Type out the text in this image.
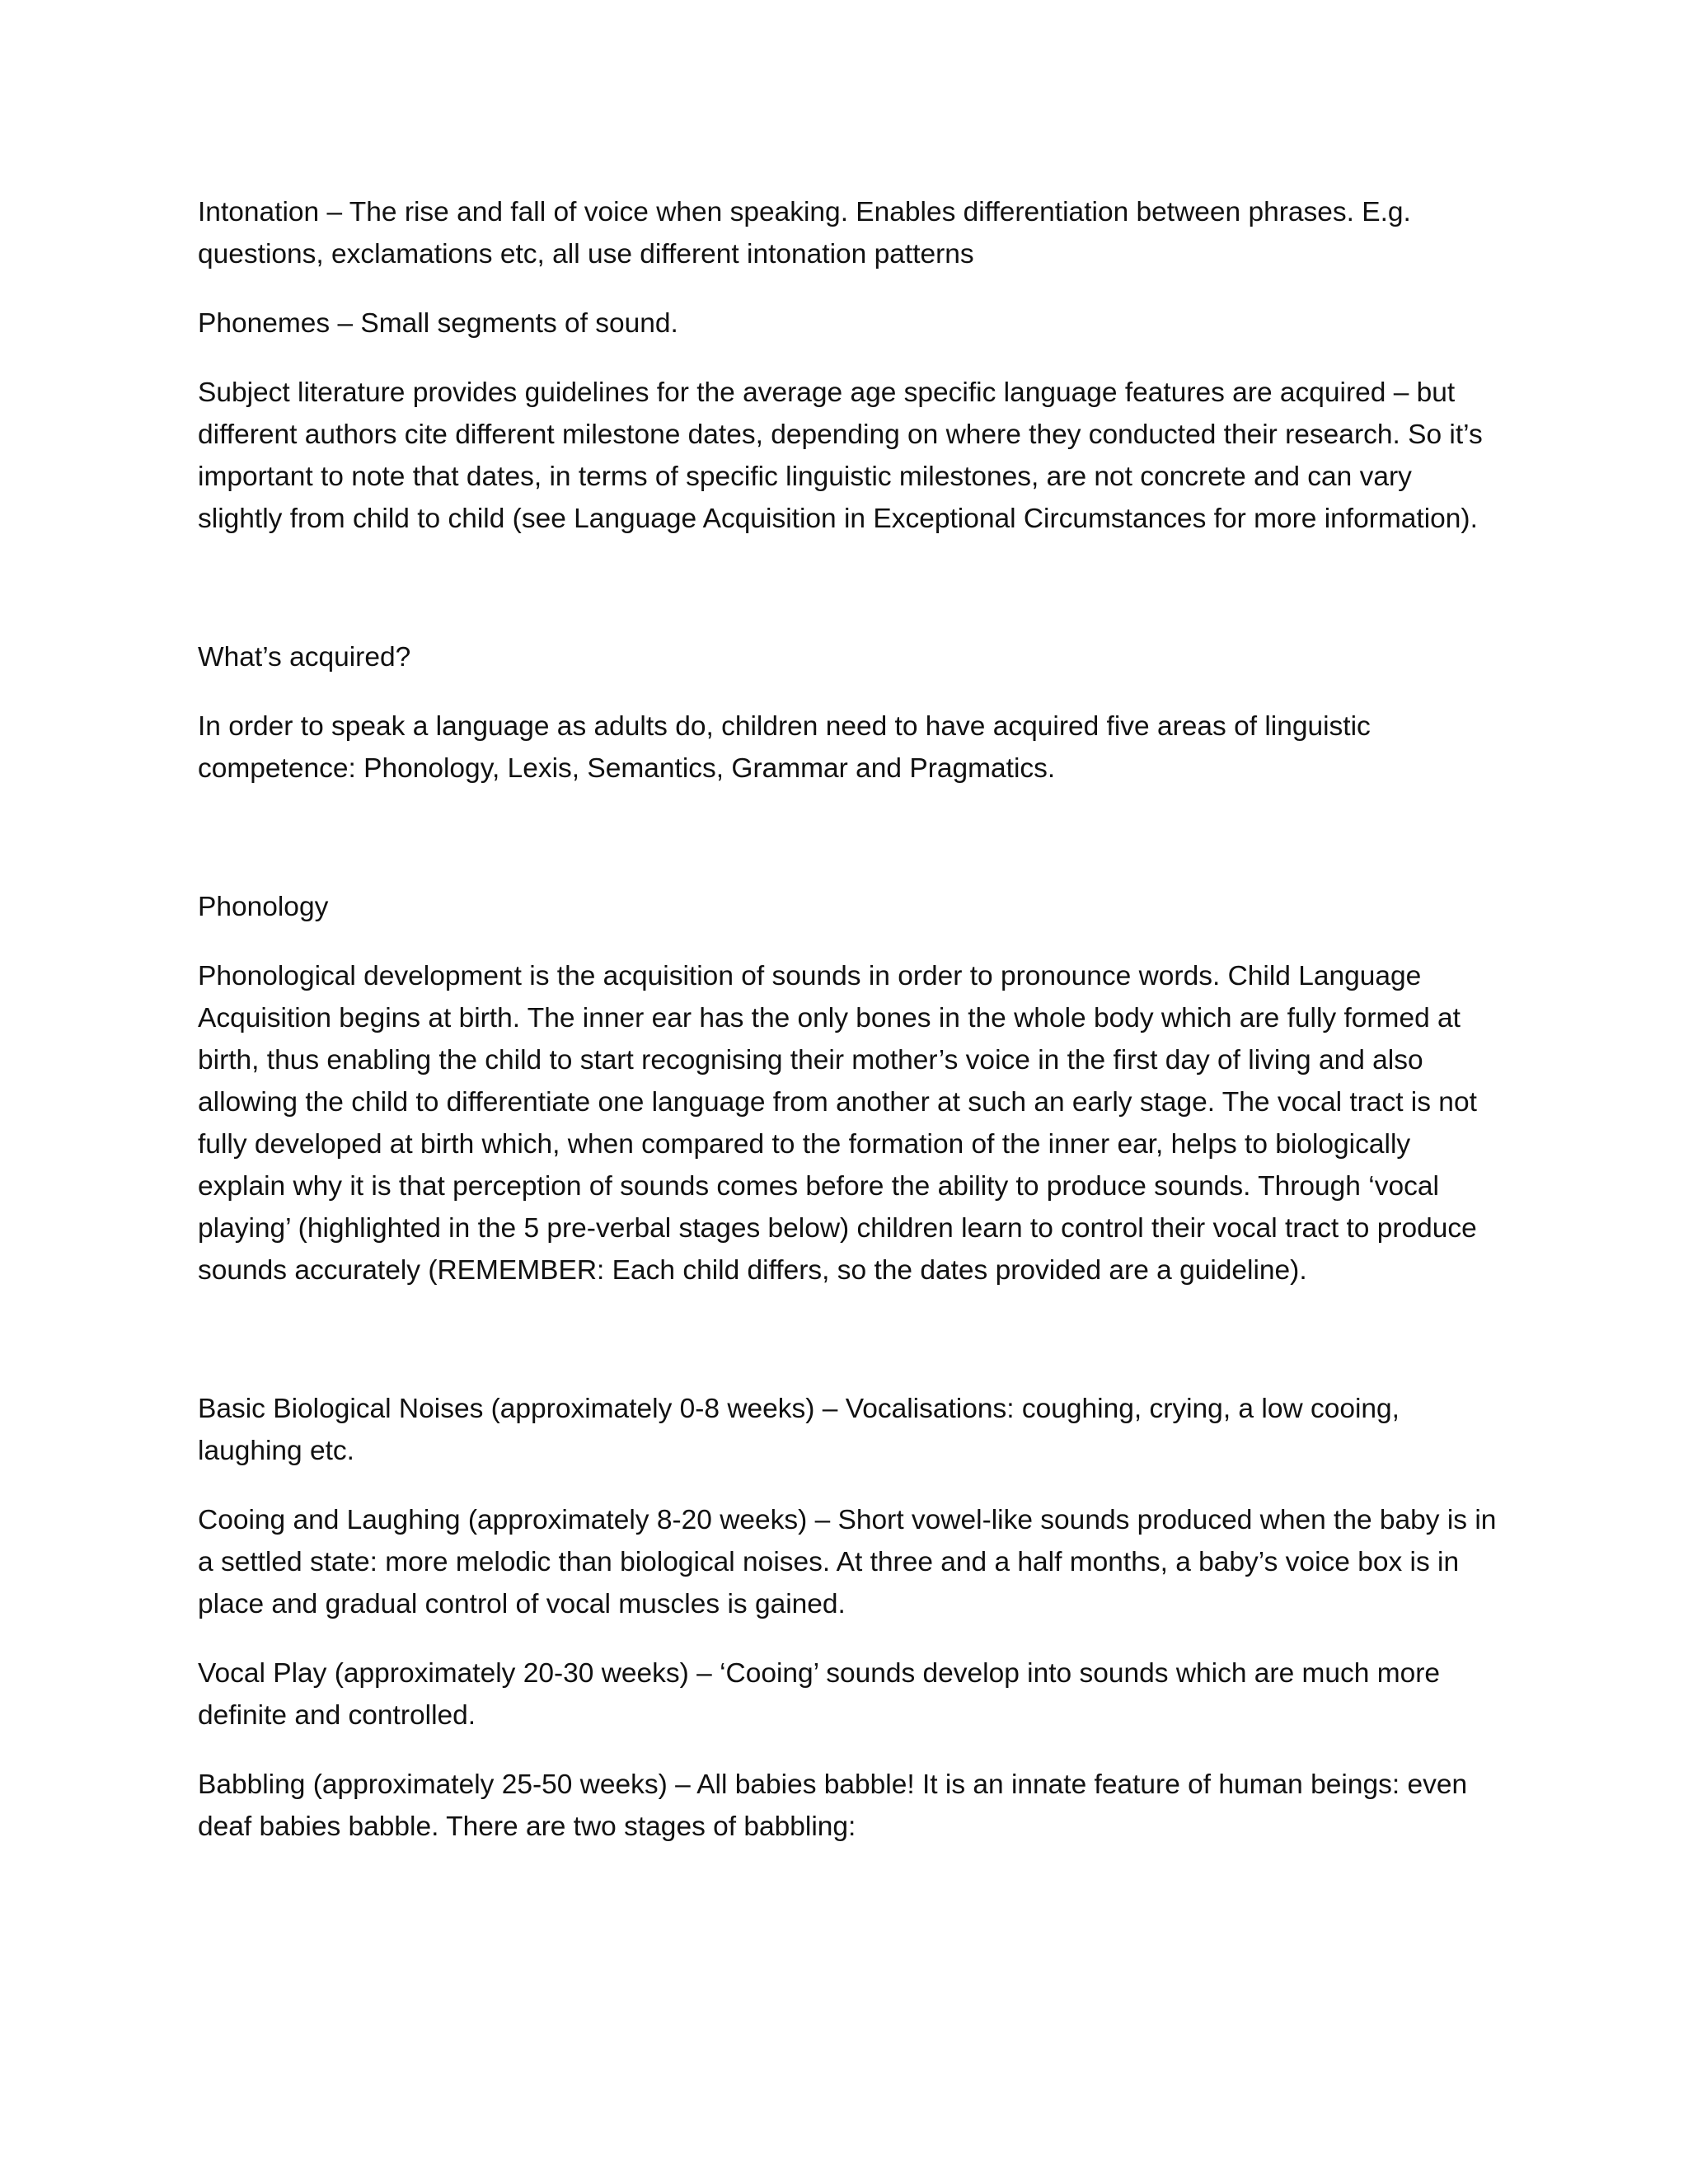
Intonation – The rise and fall of voice when speaking. Enables differentiation between phrases. E.g. questions, exclamations etc, all use different intonation patterns

Phonemes – Small segments of sound.

Subject literature provides guidelines for the average age specific language features are acquired – but different authors cite different milestone dates, depending on where they conducted their research. So it’s important to note that dates, in terms of specific linguistic milestones, are not concrete and can vary slightly from child to child (see Language Acquisition in Exceptional Circumstances for more information).

What’s acquired?

In order to speak a language as adults do, children need to have acquired five areas of linguistic competence: Phonology, Lexis, Semantics, Grammar and Pragmatics.

Phonology

Phonological development is the acquisition of sounds in order to pronounce words. Child Language Acquisition begins at birth. The inner ear has the only bones in the whole body which are fully formed at birth, thus enabling the child to start recognising their mother’s voice in the first day of living and also allowing the child to differentiate one language from another at such an early stage. The vocal tract is not fully developed at birth which, when compared to the formation of the inner ear, helps to biologically explain why it is that perception of sounds comes before the ability to produce sounds. Through ‘vocal playing’ (highlighted in the 5 pre-verbal stages below) children learn to control their vocal tract to produce sounds accurately (REMEMBER: Each child differs, so the dates provided are a guideline).

Basic Biological Noises (approximately 0-8 weeks) – Vocalisations: coughing, crying, a low cooing, laughing etc.

Cooing and Laughing (approximately 8-20 weeks) – Short vowel-like sounds produced when the baby is in a settled state: more melodic than biological noises. At three and a half months, a baby’s voice box is in place and gradual control of vocal muscles is gained.

Vocal Play (approximately 20-30 weeks) – ‘Cooing’ sounds develop into sounds which are much more definite and controlled.

Babbling (approximately 25-50 weeks) – All babies babble! It is an innate feature of human beings: even deaf babies babble. There are two stages of babbling:
